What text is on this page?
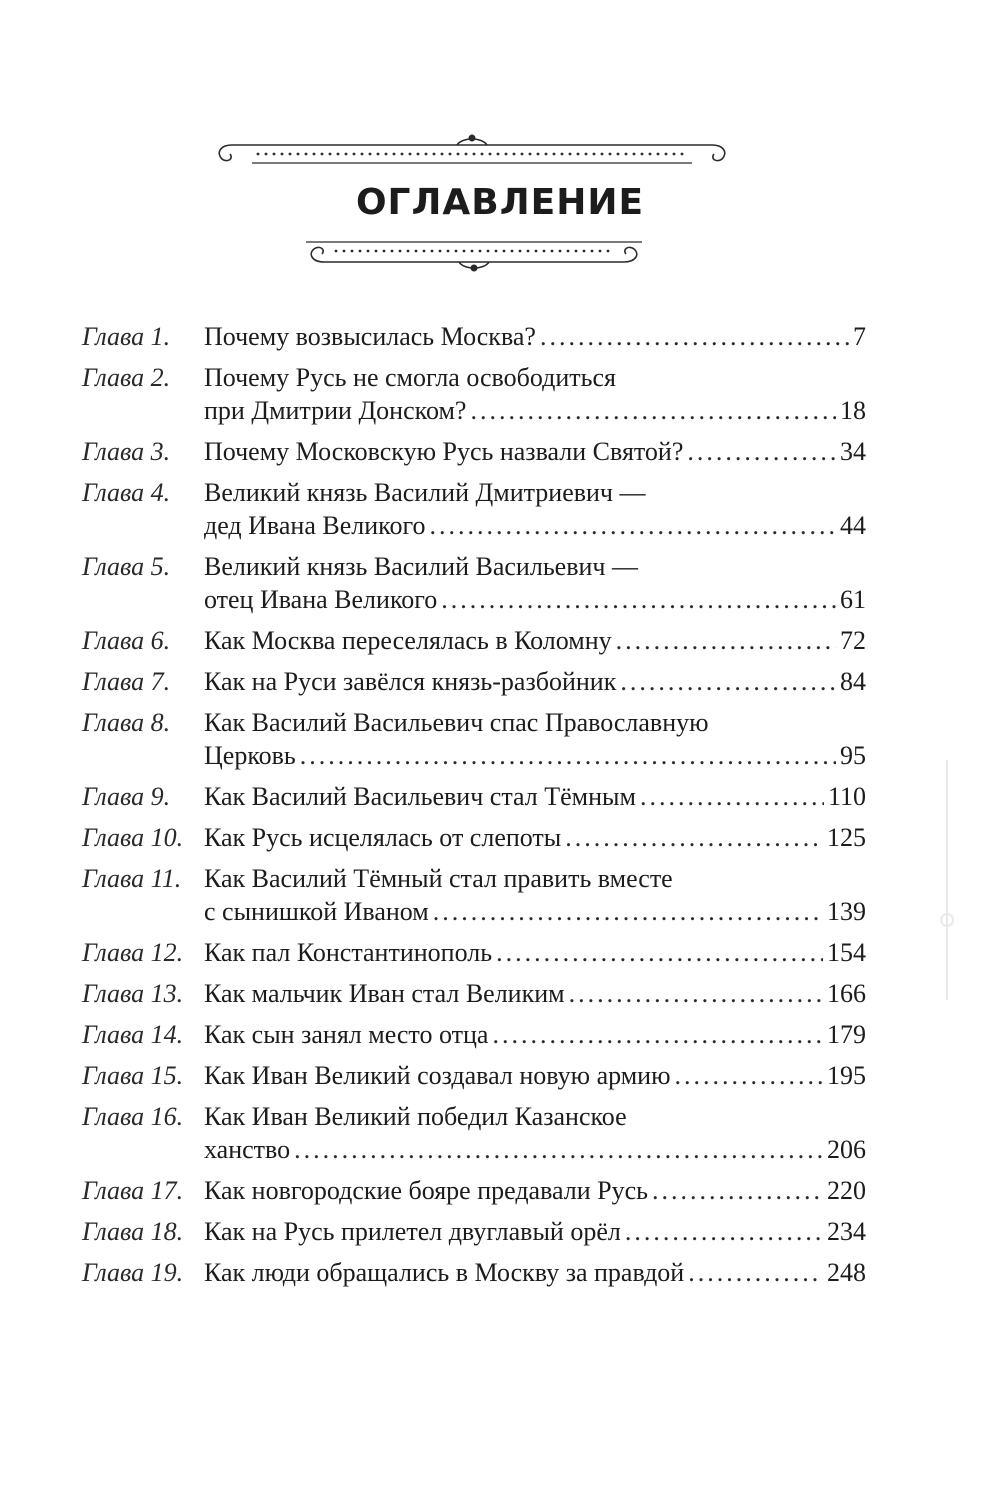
ОГЛАВЛЕНИЕ
Глава 1. Почему возвысилась Москва? .....	7
Глава 2. Почему Русь не смогла освободиться
при Дмитрии Донском? .....	18
Глава 3. Почему Московскую Русь назвали Святой? .....	34
Глава 4. Великий князь Василий Дмитриевич —
дед Ивана Великого .....	44
Глава 5. Великий князь Василий Васильевич —
отец Ивана Великого .....	61
Глава 6. Как Москва переселялась в Коломну .....	72
Глава 7. Как на Руси завёлся князь-разбойник .....	84
Глава 8. Как Василий Васильевич спас Православную
Церковь .....	95
Глава 9. Как Василий Васильевич стал Тёмным .....	110
Глава 10. Как Русь исцелялась от слепоты .....	125
Глава 11. Как Василий Тёмный стал править вместе
с сынишкой Иваном .....	139
Глава 12. Как пал Константинополь .....	154
Глава 13. Как мальчик Иван стал Великим .....	166
Глава 14. Как сын занял место отца .....	179
Глава 15. Как Иван Великий создавал новую армию .....	195
Глава 16. Как Иван Великий победил Казанское
ханство .....	206
Глава 17. Как новгородские бояре предавали Русь .....	220
Глава 18. Как на Русь прилетел двуглавый орёл .....	234
Глава 19. Как люди обращались в Москву за правдой .....	248
